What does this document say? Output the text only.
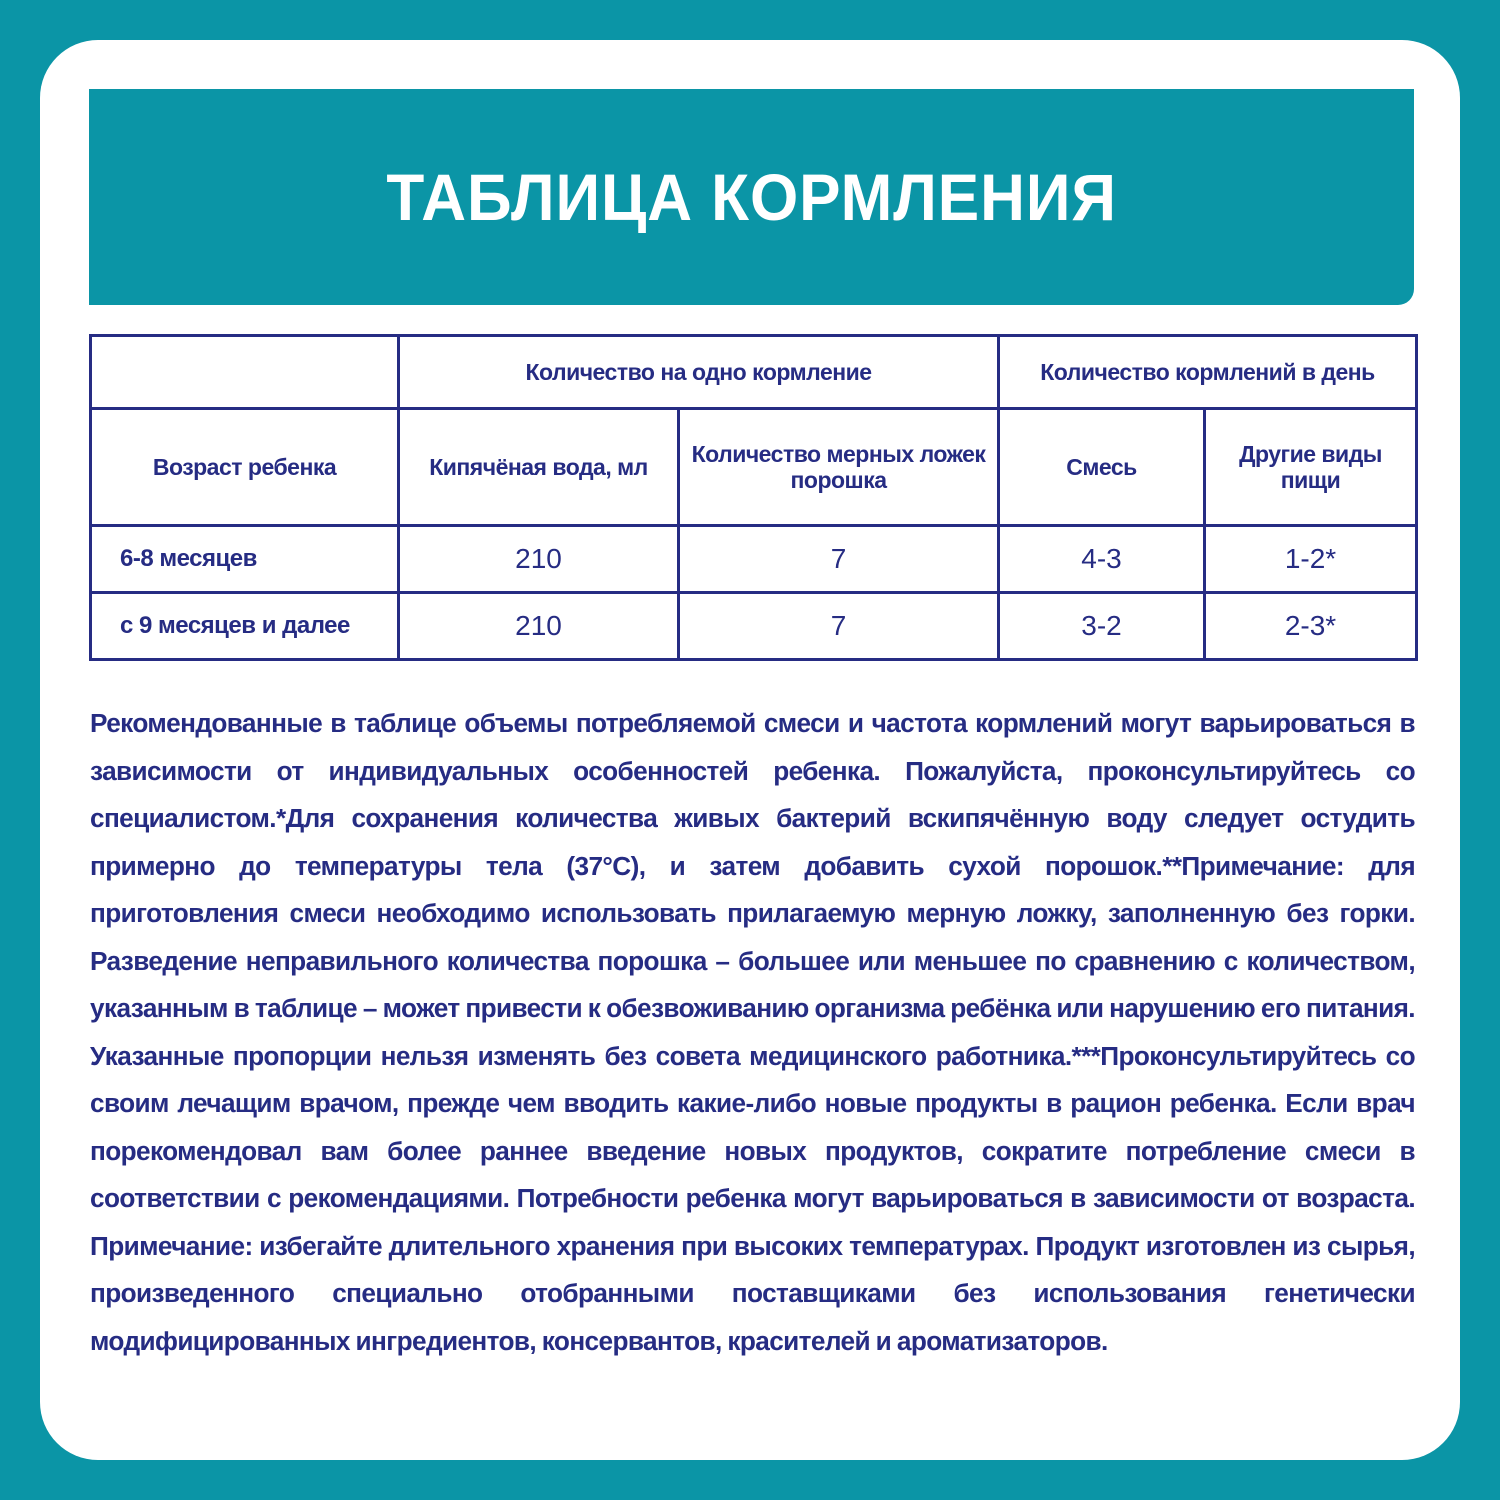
ТАБЛИЦА КОРМЛЕНИЯ
	Количество на одно кормление		Количество кормлений в день	
Возраст ребенка	Кипячёная вода, мл	Количество мерных ложек порошка	Смесь	Другие виды пищи
6-8 месяцев	210	7	4-3	1-2*
с 9 месяцев и далее	210	7	3-2	2-3*

Рекомендованные в таблице объемы потребляемой смеси и частота кормлений могут варьироваться в зависимости от индивидуальных особенностей ребенка. Пожалуйста, проконсультируйтесь со специалистом.*Для сохранения количества живых бактерий вскипячённую воду следует остудить примерно до температуры тела (37°С), и затем добавить сухой порошок.**Примечание: для приготовления смеси необходимо использовать прилагаемую мерную ложку, заполненную без горки. Разведение неправильного количества порошка – большее или меньшее по сравнению с количеством, указанным в таблице – может привести к обезвоживанию организма ребёнка или нарушению его питания. Указанные пропорции нельзя изменять без совета медицинского работника.***Проконсультируйтесь со своим лечащим врачом, прежде чем вводить какие-либо новые продукты в рацион ребенка. Если врач порекомендовал вам более раннее введение новых продуктов, сократите потребление смеси в соответствии с рекомендациями. Потребности ребенка могут варьироваться в зависимости от возраста. Примечание: избегайте длительного хранения при высоких температурах. Продукт изготовлен из сырья, произведенного специально отобранными поставщиками без использования генетически модифицированных ингредиентов, консервантов, красителей и ароматизаторов.
